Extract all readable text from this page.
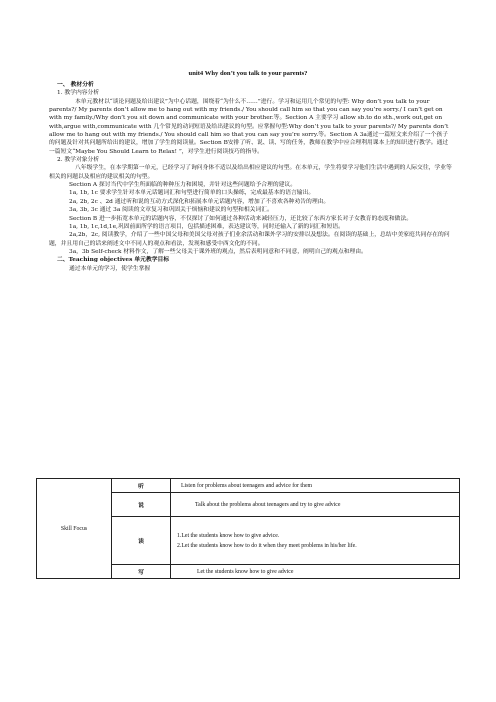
unit4 Why don’t you talk to your parents?

一、 教材分析

1. 教学内容分析

本单元教材以“谈论问题及给出建议”为中心话题，围绕着“为什么不……”进行。学习和运用几个常见的句型: Why don’t you talk to your parents?/ My parents don’t allow me to hang out with my friends./ You should call him so that you can say you’re sorry./ I can’t get on with my family./Why don’t you sit down and communicate with your brother.等。Section A 主要学习 allow sb.to do sth.,work out,get on with,argue with,communicate with 几个常见的动词短语及给出建议的句型。应掌握句型:Why don’t you talk to your parents?/ My parents don’t allow me to hang out with my friends./ You should call him so that you can say you’re sorry.等。Section A 3a通过一篇短文来介绍了一个孩子的问题及针对其问题所给出的建议，增加了学生的阅读量。Section B安排了听、说、读、写的任务，教师在教学中应合理利用课本上的知识进行教学。通过一篇短文“Maybe You Should Learn to Relax! ”，对学生进行阅读技巧的指导。

2. 教学对象分析

八年级学生，在本学期第一单元，已经学习了询问身体不适以及给出相应建议的句型。在本单元，学生将要学习他们生活中遇到的人际交往，学业等相关的问题以及相应的建议相关的句型。

Section A 探讨当代中学生所面临的种种压力和困境，并针对这些问题给予合理的建议。

1a, 1b, 1c 要求学生针对本单元话题词汇和句型进行简单的口头操练，完成最基本的语言输出。

2a, 2b, 2c 、2d 通过听和说的互动方式深化和拓展本单元话题内容，增加了不喜欢各种劝告的理由。

3a, 3b, 3c 通过 3a 阅读的文章复习和巩固关于烦恼和建议的句型和相关词汇。

Section B 进一步拓宽本单元的话题内容，不仅探讨了如何通过各种活动来减轻压力，还比较了东西方家长对子女教育的态度和做法。

1a, 1b, 1c,1d,1e,巩固前面所学的语言项目，包括描述困难，表达建议等，同时还输入了新的词汇和短语。

2a,2b，2c, 阅读教学，介绍了一些中国父母和美国父母对孩子们业余活动和课外学习的安排以及想法。在阅读的基础上，总结中美家庭共同存在的问题，并且用自己的话来阐述文中不同人的观点和看法，发现和感受中西文化的不同。

3a，3b Self-check 材料作文，了解一些父母关于课外班的观点，然后表明同意和不同意，阐明自己的观点和理由。

二、Teaching objectives 单元教学目标

通过本单元的学习，使学生掌握

Skill Focus	听	Listen for problems about teenagers and advice for them
	说	Talk about the problems about teenagers and try to give advice
	读	1.Let the students know how to give advice.
2.Let the students know how to do it when they meet problems in his/her life.

	写	Let the students know how to give advice
